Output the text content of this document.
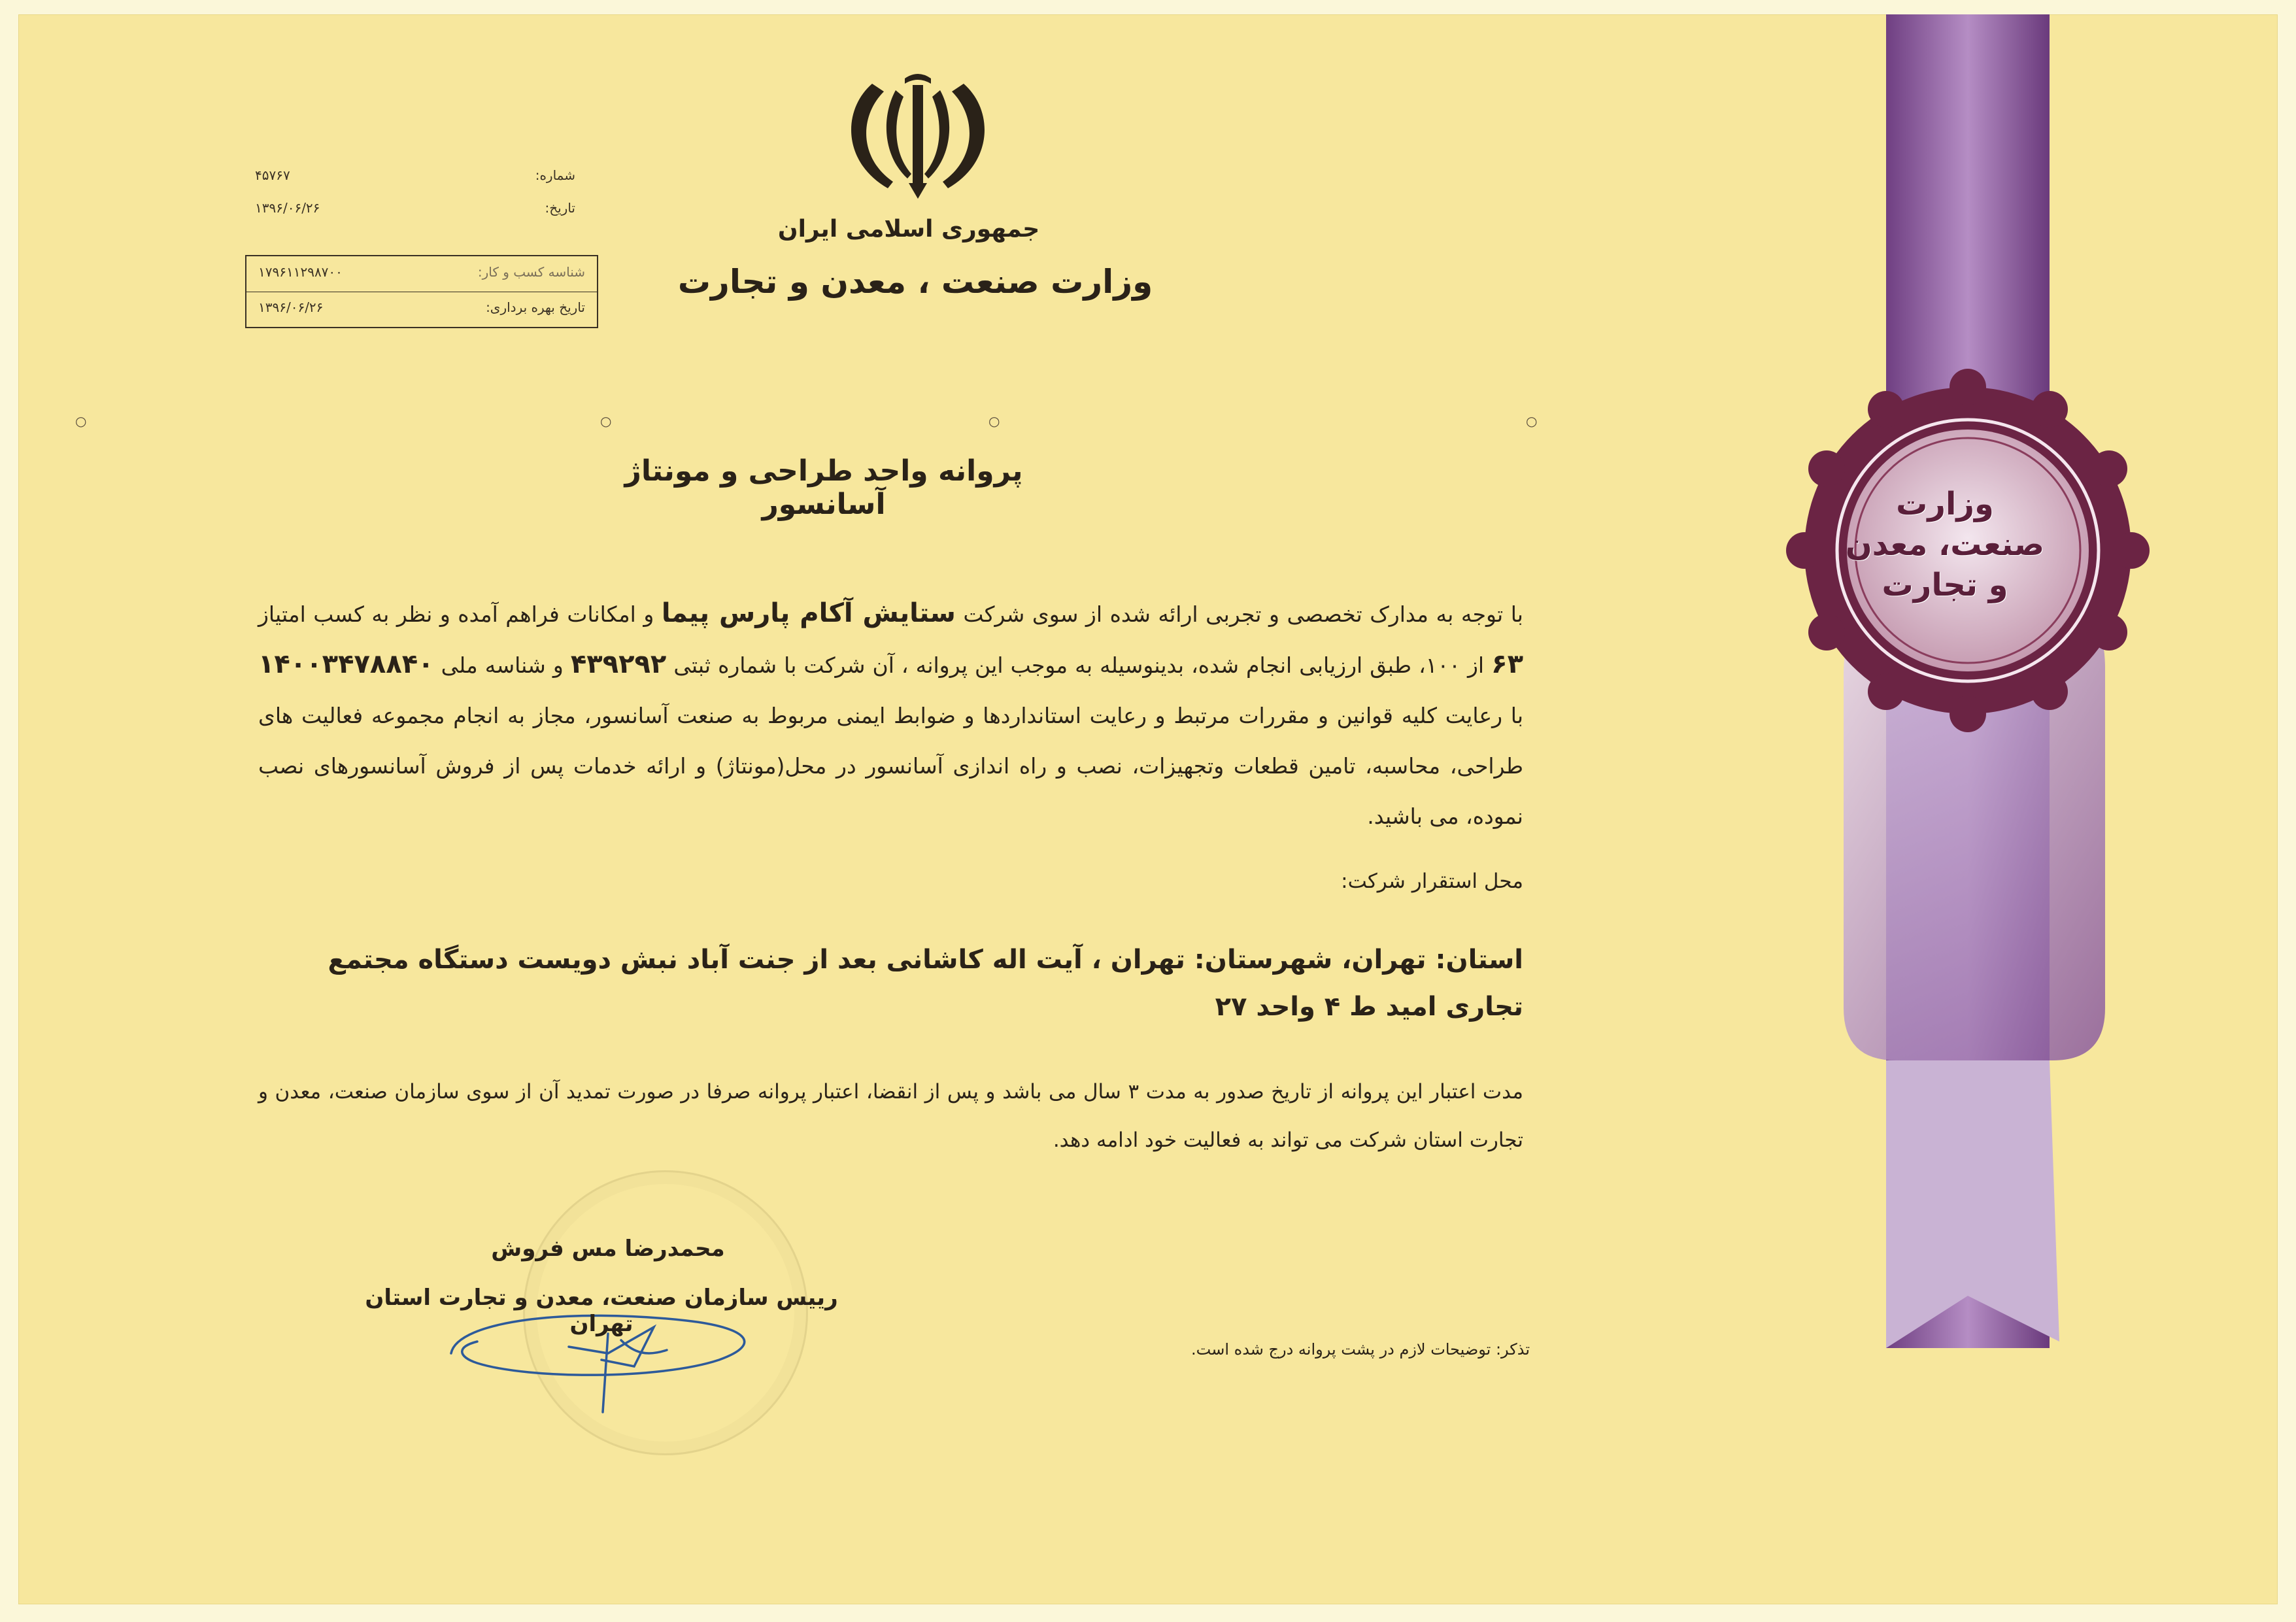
جمهوری اسلامی ایران
وزارت صنعت ، معدن و تجارت
شماره:
۴۵۷۶۷
تاریخ:
۱۳۹۶/۰۶/۲۶
شناسه کسب و کار:
۱۷۹۶۱۱۲۹۸۷۰۰
تاریخ بهره برداری:
۱۳۹۶/۰۶/۲۶
○	○	○	○
پروانه واحد طراحی و مونتاژ آسانسور

با توجه به مدارک تخصصی و تجربی ارائه شده از سوی شرکت ستایش آکام پارس پیما و امکانات فراهم آمده و نظر به کسب امتیاز ۶۳ از ۱۰۰، طبق ارزیابی انجام شده، بدینوسیله به موجب این پروانه ، آن شرکت با شماره ثبتی ۴۳۹۲۹۲ و شناسه ملی ۱۴۰۰۳۴۷۸۸۴۰ با رعایت کلیه قوانین و مقررات مرتبط و رعایت استانداردها و ضوابط ایمنی مربوط به صنعت آسانسور، مجاز به انجام مجموعه فعالیت های طراحی، محاسبه، تامین قطعات وتجهیزات، نصب و راه اندازی آسانسور در محل(مونتاژ) و ارائه خدمات پس از فروش آسانسورهای نصب نموده، می باشید.

محل استقرار شرکت:
استان: تهران، شهرستان: تهران ، آیت اله کاشانی بعد از جنت آباد نبش دویست دستگاه مجتمع تجاری امید ط ۴ واحد ۲۷
مدت اعتبار این پروانه از تاریخ صدور به مدت ۳ سال می باشد و پس از انقضا، اعتبار پروانه صرفا در صورت تمدید آن از سوی سازمان صنعت، معدن و تجارت استان شرکت می تواند به فعالیت خود ادامه دهد.
محمدرضا مس فروش
رییس سازمان صنعت، معدن و تجارت استان تهران
تذکر: توضیحات لازم در پشت پروانه درج شده است.
وزارت
صنعت، معدن
و تجارت
